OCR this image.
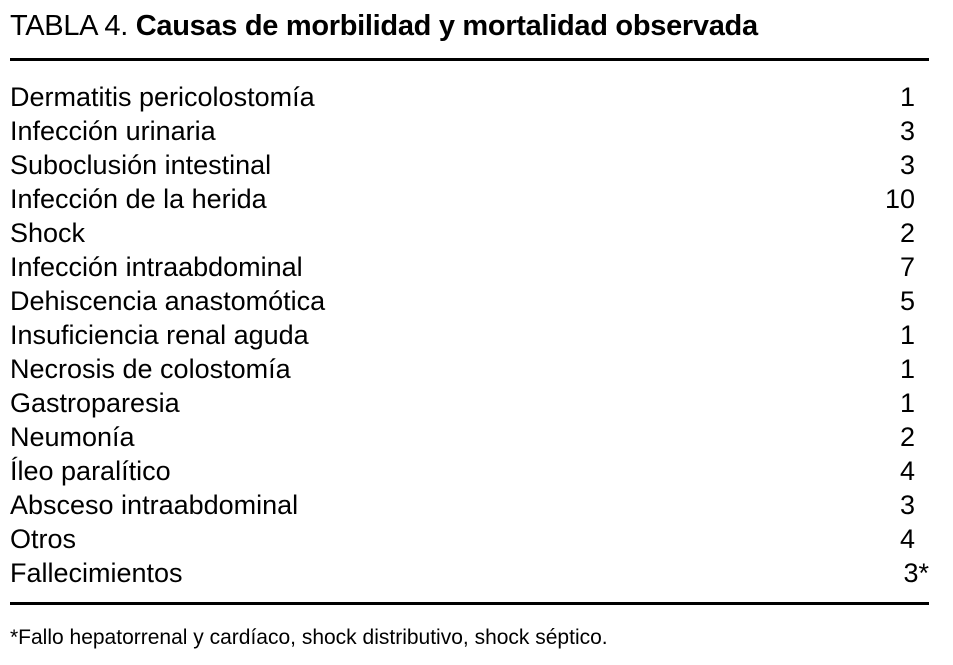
TABLA 4. Causas de morbilidad y mortalidad observada
Dermatitis pericolostomía	1
Infección urinaria	3
Suboclusión intestinal	3
Infección de la herida	10
Shock	2
Infección intraabdominal	7
Dehiscencia anastomótica	5
Insuficiencia renal aguda	1
Necrosis de colostomía	1
Gastroparesia	1
Neumonía	2
Íleo paralítico	4
Absceso intraabdominal	3
Otros	4
Fallecimientos	3*
*Fallo hepatorrenal y cardíaco, shock distributivo, shock séptico.
